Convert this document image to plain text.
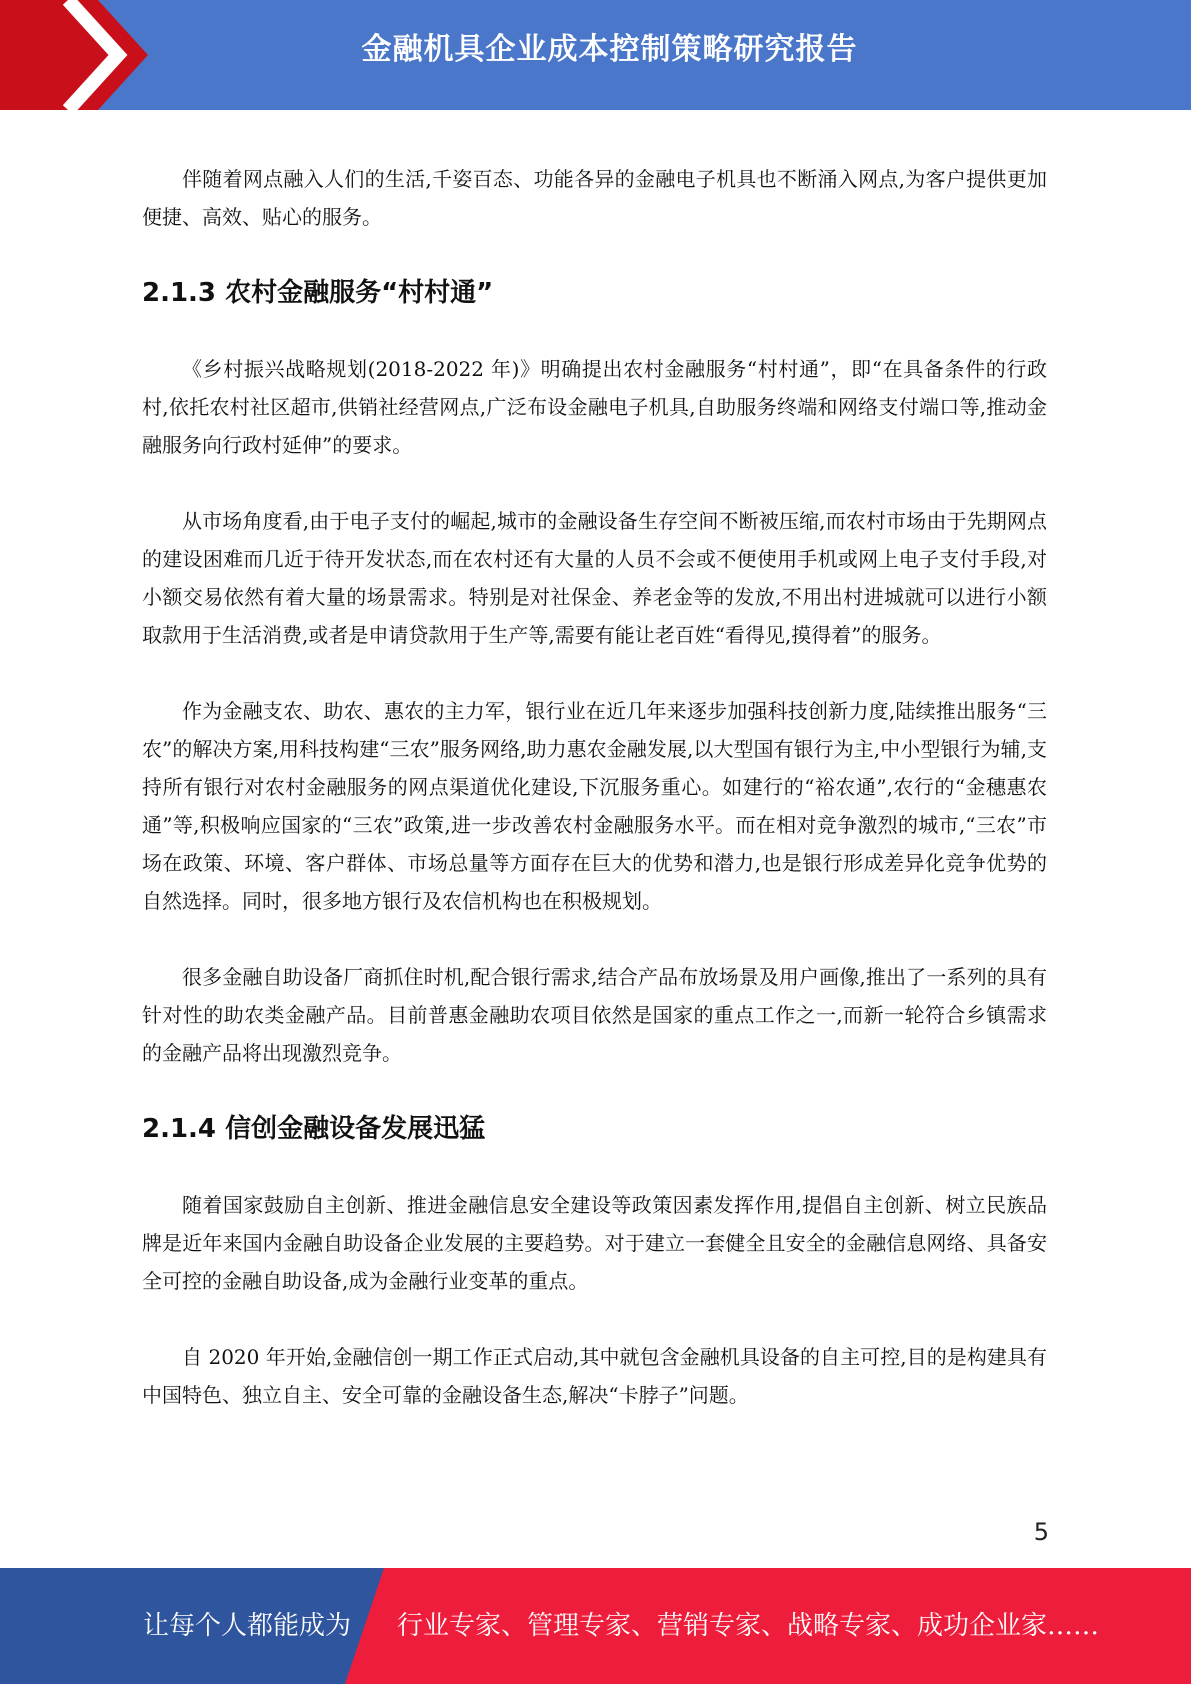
金融机具企业成本控制策略研究报告

伴随着网点融入人们的生活,千姿百态、功能各异的金融电子机具也不断涌入网点,为客户提供更加便捷、高效、贴心的服务。

2.1.3 农村金融服务“村村通”

《乡村振兴战略规划(2018-2022 年)》明确提出农村金融服务“村村通”，即“在具备条件的行政村,依托农村社区超市,供销社经营网点,广泛布设金融电子机具,自助服务终端和网络支付端口等,推动金融服务向行政村延伸”的要求。

从市场角度看,由于电子支付的崛起,城市的金融设备生存空间不断被压缩,而农村市场由于先期网点的建设困难而几近于待开发状态,而在农村还有大量的人员不会或不便使用手机或网上电子支付手段,对小额交易依然有着大量的场景需求。特别是对社保金、养老金等的发放,不用出村进城就可以进行小额取款用于生活消费,或者是申请贷款用于生产等,需要有能让老百姓“看得见,摸得着”的服务。

作为金融支农、助农、惠农的主力军，银行业在近几年来逐步加强科技创新力度,陆续推出服务“三农”的解决方案,用科技构建“三农”服务网络,助力惠农金融发展,以大型国有银行为主,中小型银行为辅,支持所有银行对农村金融服务的网点渠道优化建设,下沉服务重心。如建行的“裕农通”,农行的“金穗惠农通”等,积极响应国家的“三农”政策,进一步改善农村金融服务水平。而在相对竞争激烈的城市,“三农”市场在政策、环境、客户群体、市场总量等方面存在巨大的优势和潜力,也是银行形成差异化竞争优势的自然选择。同时，很多地方银行及农信机构也在积极规划。

很多金融自助设备厂商抓住时机,配合银行需求,结合产品布放场景及用户画像,推出了一系列的具有针对性的助农类金融产品。目前普惠金融助农项目依然是国家的重点工作之一,而新一轮符合乡镇需求的金融产品将出现激烈竞争。

2.1.4 信创金融设备发展迅猛

随着国家鼓励自主创新、推进金融信息安全建设等政策因素发挥作用,提倡自主创新、树立民族品牌是近年来国内金融自助设备企业发展的主要趋势。对于建立一套健全且安全的金融信息网络、具备安全可控的金融自助设备,成为金融行业变革的重点。

自 2020 年开始,金融信创一期工作正式启动,其中就包含金融机具设备的自主可控,目的是构建具有中国特色、独立自主、安全可靠的金融设备生态,解决“卡脖子”问题。

5
让每个人都能成为 行业专家、管理专家、营销专家、战略专家、成功企业家……
